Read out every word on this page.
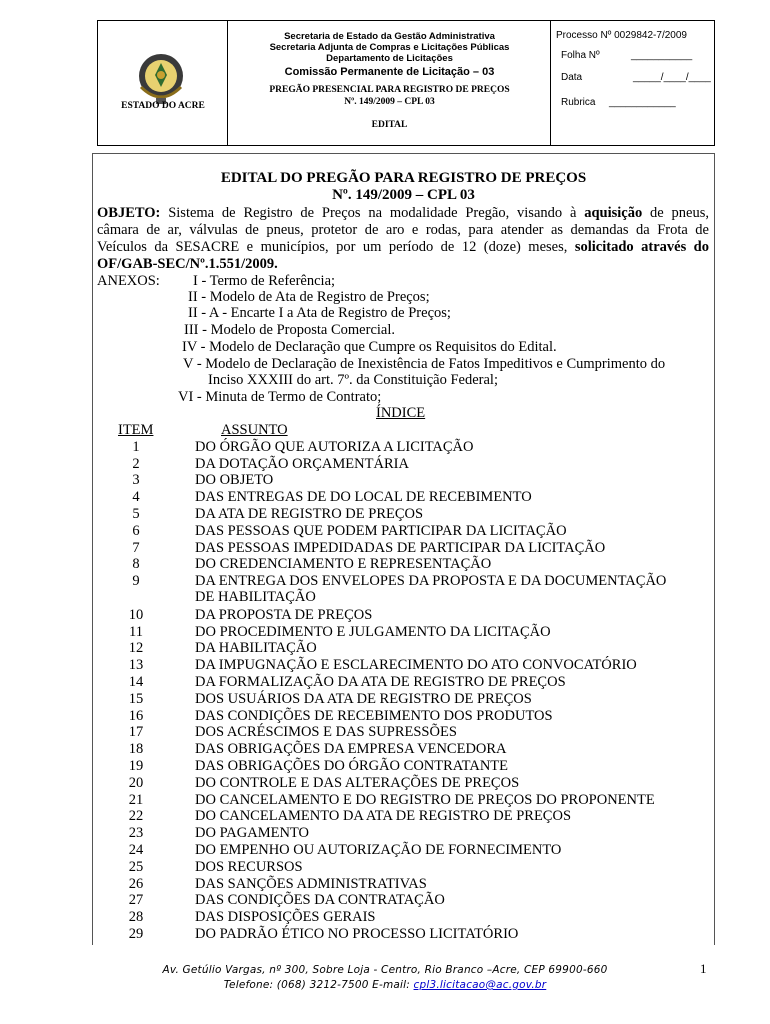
ESTADO DO ACRE
Secretaria de Estado da Gestão Administrativa
Secretaria Adjunta de Compras e Licitações Públicas
Departamento de Licitações
Comissão Permanente de Licitação – 03
PREGÃO PRESENCIAL PARA REGISTRO DE PREÇOS
Nº. 149/2009 – CPL 03
EDITAL
Processo Nº 0029842-7/2009
Folha Nº	___________
Data	_____/____/____
Rubrica ____________
EDITAL DO PREGÃO PARA REGISTRO DE PREÇOS
Nº. 149/2009 – CPL 03
OBJETO: Sistema de Registro de Preços na modalidade Pregão, visando à aquisição de pneus,
câmara de ar, válvulas de pneus, protetor de aro e rodas, para atender as demandas da Frota de
Veículos da SESACRE e municípios, por um período de 12 (doze) meses, solicitado através do
OF/GAB-SEC/Nº.1.551/2009.
ANEXOS: I - Termo de Referência;
II - Modelo de Ata de Registro de Preços;
II - A - Encarte I a Ata de Registro de Preços;
III - Modelo de Proposta Comercial.
IV - Modelo de Declaração que Cumpre os Requisitos do Edital.
V - Modelo de Declaração de Inexistência de Fatos Impeditivos e Cumprimento do
Inciso XXXIII do art. 7º. da Constituição Federal;
VI - Minuta de Termo de Contrato;
ÍNDICE
ITEM	ASSUNTO
1	DO ÓRGÃO QUE AUTORIZA A LICITAÇÃO
2	DA DOTAÇÃO ORÇAMENTÁRIA
3	DO OBJETO
4	DAS ENTREGAS DE DO LOCAL DE RECEBIMENTO
5	DA ATA DE REGISTRO DE PREÇOS
6	DAS PESSOAS QUE PODEM PARTICIPAR DA LICITAÇÃO
7	DAS PESSOAS IMPEDIDADAS DE PARTICIPAR DA LICITAÇÃO
8	DO CREDENCIAMENTO E REPRESENTAÇÃO
9	DA ENTREGA DOS ENVELOPES DA PROPOSTA E DA DOCUMENTAÇÃO
DE HABILITAÇÃO
10	DA PROPOSTA DE PREÇOS
11	DO PROCEDIMENTO E JULGAMENTO DA LICITAÇÃO
12	DA HABILITAÇÃO
13	DA IMPUGNAÇÃO E ESCLARECIMENTO DO ATO CONVOCATÓRIO
14	DA FORMALIZAÇÃO DA ATA DE REGISTRO DE PREÇOS
15	DOS USUÁRIOS DA ATA DE REGISTRO DE PREÇOS
16	DAS CONDIÇÕES DE RECEBIMENTO DOS PRODUTOS
17	DOS ACRÉSCIMOS E DAS SUPRESSÕES
18	DAS OBRIGAÇÕES DA EMPRESA VENCEDORA
19	DAS OBRIGAÇÕES DO ÓRGÃO CONTRATANTE
20	DO CONTROLE E DAS ALTERAÇÕES DE PREÇOS
21	DO CANCELAMENTO E DO REGISTRO DE PREÇOS DO PROPONENTE
22	DO CANCELAMENTO DA ATA DE REGISTRO DE PREÇOS
23	DO PAGAMENTO
24	DO EMPENHO OU AUTORIZAÇÃO DE FORNECIMENTO
25	DOS RECURSOS
26	DAS SANÇÕES ADMINISTRATIVAS
27	DAS CONDIÇÕES DA CONTRATAÇÃO
28	DAS DISPOSIÇÕES GERAIS
29	DO PADRÃO ÉTICO NO PROCESSO LICITATÓRIO
Av. Getúlio Vargas, nº 300, Sobre Loja - Centro, Rio Branco –Acre, CEP 69900-660
Telefone: (068) 3212-7500 E-mail: cpl3.licitacao@ac.gov.br
1
